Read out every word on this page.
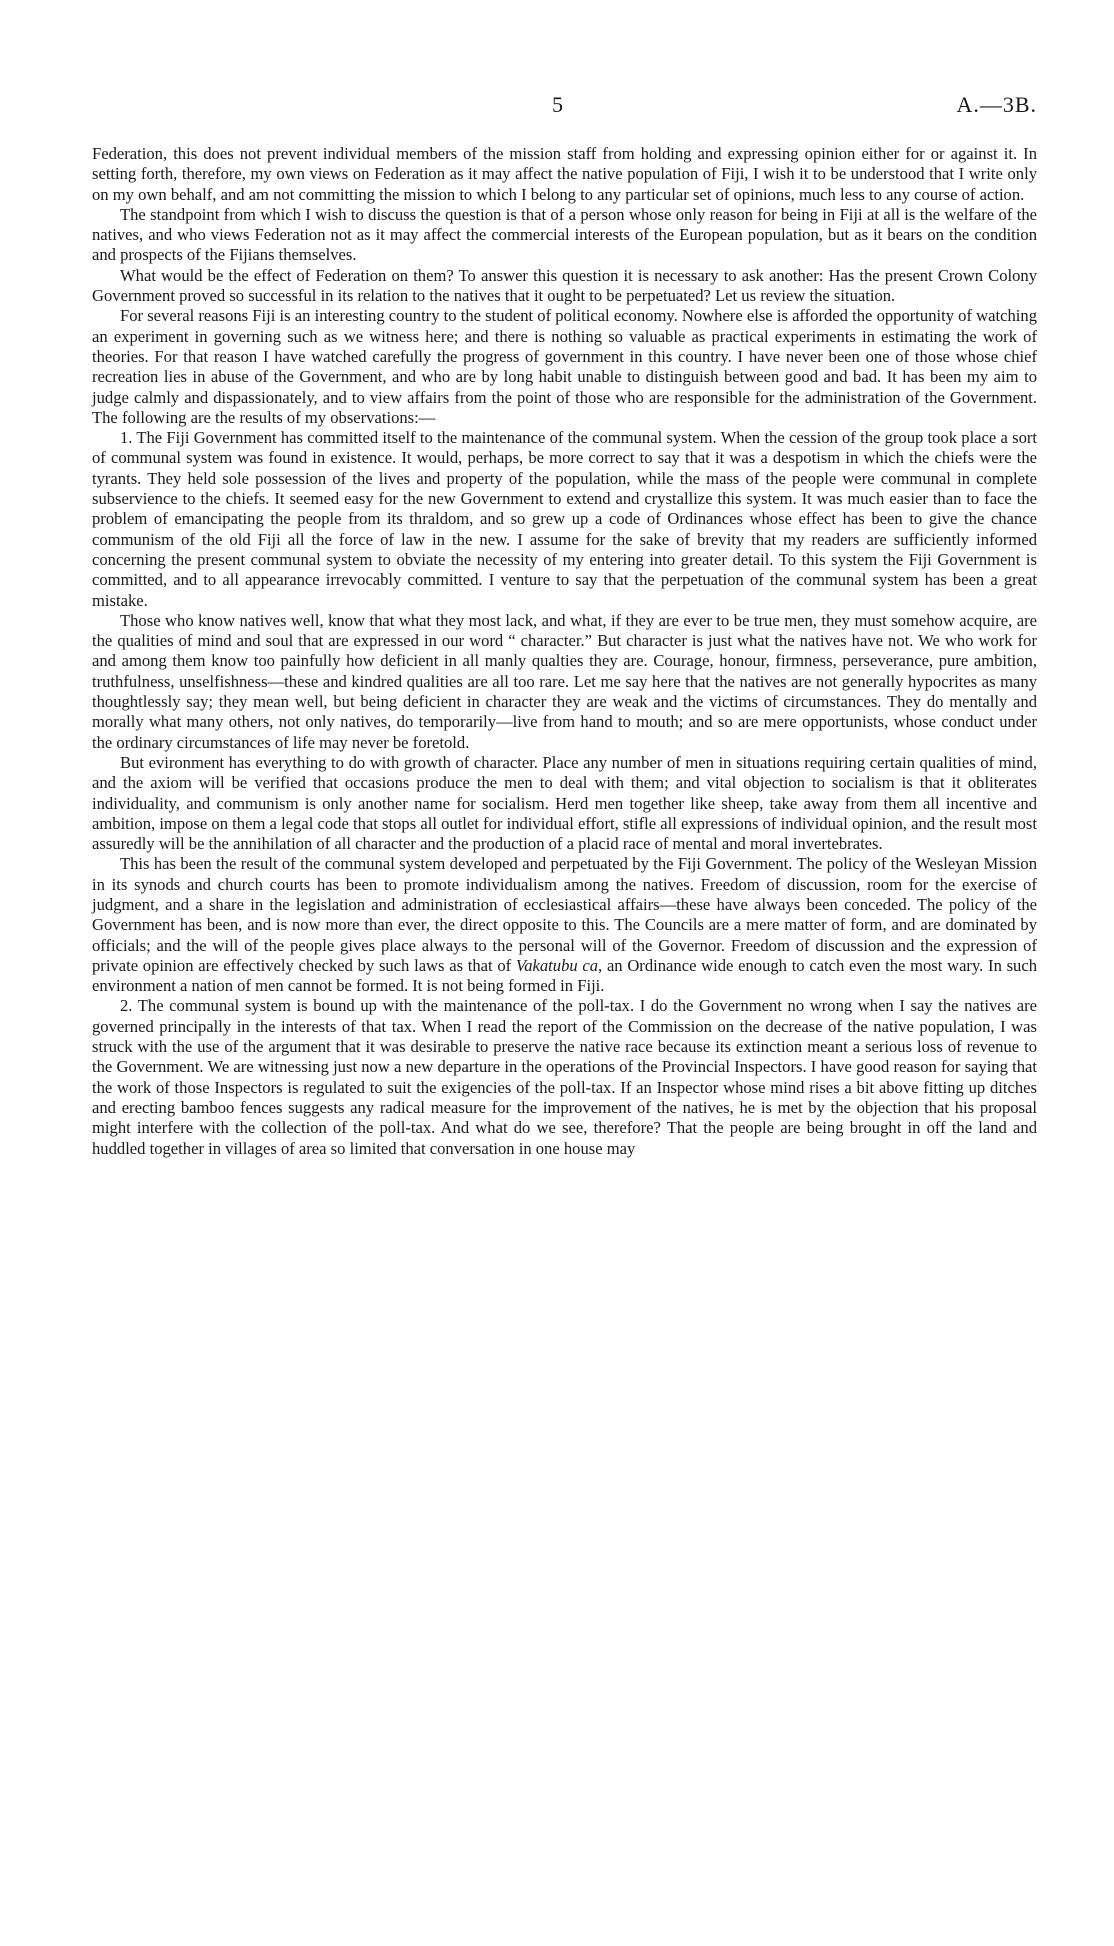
5	A.—3B.

Federation, this does not prevent individual members of the mission staff from holding and expressing opinion either for or against it. In setting forth, therefore, my own views on Federation as it may affect the native population of Fiji, I wish it to be understood that I write only on my own behalf, and am not committing the mission to which I belong to any particular set of opinions, much less to any course of action.

The standpoint from which I wish to discuss the question is that of a person whose only reason for being in Fiji at all is the welfare of the natives, and who views Federation not as it may affect the commercial interests of the European population, but as it bears on the condition and prospects of the Fijians themselves.

What would be the effect of Federation on them? To answer this question it is necessary to ask another: Has the present Crown Colony Government proved so successful in its relation to the natives that it ought to be perpetuated? Let us review the situation.

For several reasons Fiji is an interesting country to the student of political economy. Nowhere else is afforded the opportunity of watching an experiment in governing such as we witness here; and there is nothing so valuable as practical experiments in estimating the work of theories. For that reason I have watched carefully the progress of government in this country. I have never been one of those whose chief recreation lies in abuse of the Government, and who are by long habit unable to distinguish between good and bad. It has been my aim to judge calmly and dispassionately, and to view affairs from the point of those who are responsible for the administration of the Government. The following are the results of my observations:—

1. The Fiji Government has committed itself to the maintenance of the communal system. When the cession of the group took place a sort of communal system was found in existence. It would, perhaps, be more correct to say that it was a despotism in which the chiefs were the tyrants. They held sole possession of the lives and property of the population, while the mass of the people were communal in complete subservience to the chiefs. It seemed easy for the new Government to extend and crystallize this system. It was much easier than to face the problem of emancipating the people from its thraldom, and so grew up a code of Ordinances whose effect has been to give the chance communism of the old Fiji all the force of law in the new. I assume for the sake of brevity that my readers are sufficiently informed concerning the present communal system to obviate the necessity of my entering into greater detail. To this system the Fiji Government is committed, and to all appearance irrevocably committed. I venture to say that the perpetuation of the communal system has been a great mistake.

Those who know natives well, know that what they most lack, and what, if they are ever to be true men, they must somehow acquire, are the qualities of mind and soul that are expressed in our word “ character.” But character is just what the natives have not. We who work for and among them know too painfully how deficient in all manly qualties they are. Courage, honour, firmness, perseverance, pure ambition, truthfulness, unselfishness—these and kindred qualities are all too rare. Let me say here that the natives are not generally hypocrites as many thoughtlessly say; they mean well, but being deficient in character they are weak and the victims of circumstances. They do mentally and morally what many others, not only natives, do temporarily—live from hand to mouth; and so are mere opportunists, whose conduct under the ordinary circumstances of life may never be foretold.

But evironment has everything to do with growth of character. Place any number of men in situations requiring certain qualities of mind, and the axiom will be verified that occasions produce the men to deal with them; and vital objection to socialism is that it obliterates individuality, and communism is only another name for socialism. Herd men together like sheep, take away from them all incentive and ambition, impose on them a legal code that stops all outlet for individual effort, stifle all expressions of individual opinion, and the result most assuredly will be the annihilation of all character and the production of a placid race of mental and moral invertebrates.

This has been the result of the communal system developed and perpetuated by the Fiji Government. The policy of the Wesleyan Mission in its synods and church courts has been to promote individualism among the natives. Freedom of discussion, room for the exercise of judgment, and a share in the legislation and administration of ecclesiastical affairs—these have always been conceded. The policy of the Government has been, and is now more than ever, the direct opposite to this. The Councils are a mere matter of form, and are dominated by officials; and the will of the people gives place always to the personal will of the Governor. Freedom of discussion and the expression of private opinion are effectively checked by such laws as that of Vakatubu ca, an Ordinance wide enough to catch even the most wary. In such environment a nation of men cannot be formed. It is not being formed in Fiji.

2. The communal system is bound up with the maintenance of the poll-tax. I do the Government no wrong when I say the natives are governed principally in the interests of that tax. When I read the report of the Commission on the decrease of the native population, I was struck with the use of the argument that it was desirable to preserve the native race because its extinction meant a serious loss of revenue to the Government. We are witnessing just now a new departure in the operations of the Provincial Inspectors. I have good reason for saying that the work of those Inspectors is regulated to suit the exigencies of the poll-tax. If an Inspector whose mind rises a bit above fitting up ditches and erecting bamboo fences suggests any radical measure for the improvement of the natives, he is met by the objection that his proposal might interfere with the collection of the poll-tax. And what do we see, therefore? That the people are being brought in off the land and huddled together in villages of area so limited that conversation in one house may
